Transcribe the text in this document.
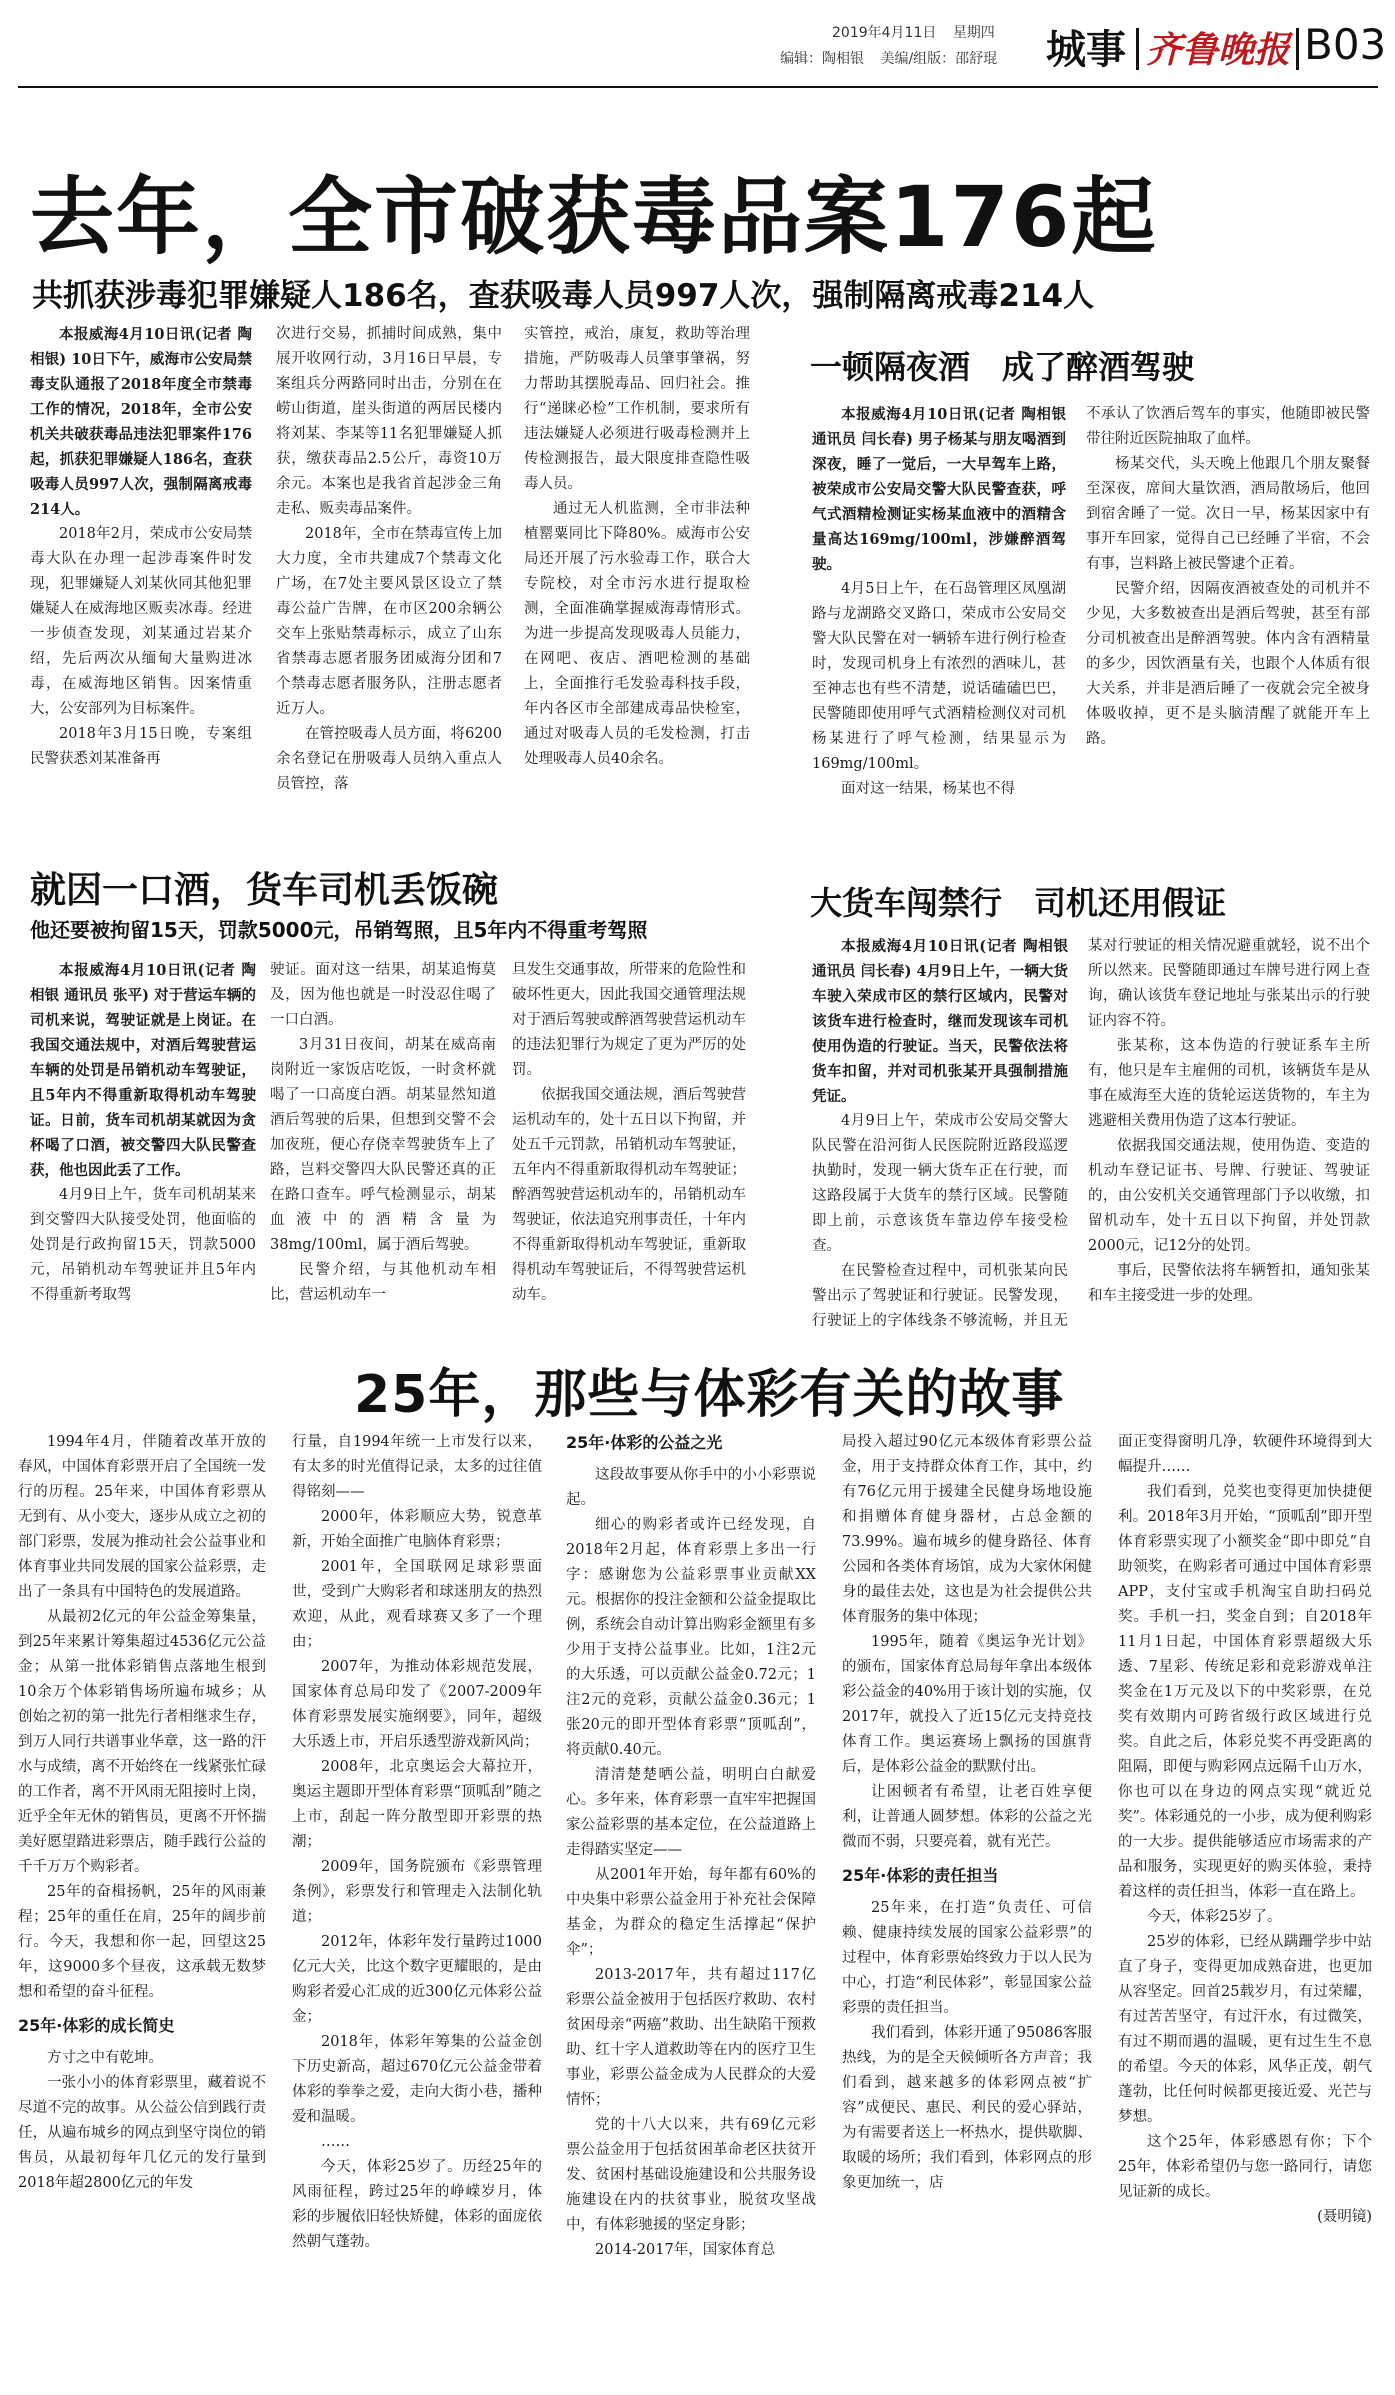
2019年4月11日 星期四
编辑：陶相银 美编/组版：邵舒琨 城事 齐鲁晚报 B03
去年，全市破获毒品案176起
共抓获涉毒犯罪嫌疑人186名，查获吸毒人员997人次，强制隔离戒毒214人

本报威海4月10日讯(记者 陶相银) 10日下午，威海市公安局禁毒支队通报了2018年度全市禁毒工作的情况，2018年，全市公安机关共破获毒品违法犯罪案件176起，抓获犯罪嫌疑人186名，查获吸毒人员997人次，强制隔离戒毒214人。

2018年2月，荣成市公安局禁毒大队在办理一起涉毒案件时发现，犯罪嫌疑人刘某伙同其他犯罪嫌疑人在威海地区贩卖冰毒。经进一步侦查发现，刘某通过岩某介绍，先后两次从缅甸大量购进冰毒，在威海地区销售。因案情重大，公安部列为目标案件。

2018年3月15日晚，专案组民警获悉刘某准备再

次进行交易，抓捕时间成熟，集中展开收网行动，3月16日早晨，专案组兵分两路同时出击，分别在在崂山街道，崖头街道的两居民楼内将刘某、李某等11名犯罪嫌疑人抓获，缴获毒品2.5公斤，毒资10万余元。本案也是我省首起涉金三角走私、贩卖毒品案件。

2018年，全市在禁毒宣传上加大力度，全市共建成7个禁毒文化广场，在7处主要风景区设立了禁毒公益广告牌，在市区200余辆公交车上张贴禁毒标示，成立了山东省禁毒志愿者服务团威海分团和7个禁毒志愿者服务队，注册志愿者近万人。

在管控吸毒人员方面，将6200余名登记在册吸毒人员纳入重点人员管控，落

实管控，戒治，康复，救助等治理措施，严防吸毒人员肇事肇祸，努力帮助其摆脱毒品、回归社会。推行“递睐必检”工作机制，要求所有违法嫌疑人必须进行吸毒检测并上传检测报告，最大限度排查隐性吸毒人员。

通过无人机监测，全市非法种植罂粟同比下降80%。威海市公安局还开展了污水验毒工作，联合大专院校，对全市污水进行提取检测，全面准确掌握威海毒情形式。为进一步提高发现吸毒人员能力，在网吧、夜店、酒吧检测的基础上，全面推行毛发验毒科技手段，年内各区市全部建成毒品快检室，通过对吸毒人员的毛发检测，打击处理吸毒人员40余名。

一顿隔夜酒　成了醉酒驾驶

本报威海4月10日讯(记者 陶相银 通讯员 闫长春) 男子杨某与朋友喝酒到深夜，睡了一觉后，一大早驾车上路，被荣成市公安局交警大队民警查获，呼气式酒精检测证实杨某血液中的酒精含量高达169mg/100ml，涉嫌醉酒驾驶。

4月5日上午，在石岛管理区凤凰湖路与龙湖路交叉路口，荣成市公安局交警大队民警在对一辆轿车进行例行检查时，发现司机身上有浓烈的酒味儿，甚至神志也有些不清楚，说话磕磕巴巴，民警随即使用呼气式酒精检测仪对司机杨某进行了呼气检测，结果显示为169mg/100ml。

面对这一结果，杨某也不得

不承认了饮酒后驾车的事实，他随即被民警带往附近医院抽取了血样。

杨某交代，头天晚上他跟几个朋友聚餐至深夜，席间大量饮酒，酒局散场后，他回到宿舍睡了一觉。次日一早，杨某因家中有事开车回家，觉得自己已经睡了半宿，不会有事，岂料路上被民警逮个正着。

民警介绍，因隔夜酒被查处的司机并不少见，大多数被查出是酒后驾驶，甚至有部分司机被查出是醉酒驾驶。体内含有酒精量的多少，因饮酒量有关，也跟个人体质有很大关系，并非是酒后睡了一夜就会完全被身体吸收掉，更不是头脑清醒了就能开车上路。

就因一口酒，货车司机丢饭碗
他还要被拘留15天，罚款5000元，吊销驾照，且5年内不得重考驾照

本报威海4月10日讯(记者 陶相银 通讯员 张平) 对于营运车辆的司机来说，驾驶证就是上岗证。在我国交通法规中，对酒后驾驶营运车辆的处罚是吊销机动车驾驶证，且5年内不得重新取得机动车驾驶证。日前，货车司机胡某就因为贪杯喝了口酒，被交警四大队民警查获，他也因此丢了工作。

4月9日上午，货车司机胡某来到交警四大队接受处罚，他面临的处罚是行政拘留15天，罚款5000元，吊销机动车驾驶证并且5年内不得重新考取驾

驶证。面对这一结果，胡某追悔莫及，因为他也就是一时没忍住喝了一口白酒。

3月31日夜间，胡某在威高南岗附近一家饭店吃饭，一时贪杯就喝了一口高度白酒。胡某显然知道酒后驾驶的后果，但想到交警不会加夜班，便心存侥幸驾驶货车上了路，岂料交警四大队民警还真的正在路口查车。呼气检测显示，胡某血液中的酒精含量为38mg/100ml，属于酒后驾驶。

民警介绍，与其他机动车相比，营运机动车一

旦发生交通事故，所带来的危险性和破坏性更大，因此我国交通管理法规对于酒后驾驶或醉酒驾驶营运机动车的违法犯罪行为规定了更为严厉的处罚。

依据我国交通法规，酒后驾驶营运机动车的，处十五日以下拘留，并处五千元罚款，吊销机动车驾驶证，五年内不得重新取得机动车驾驶证；醉酒驾驶营运机动车的，吊销机动车驾驶证，依法追究刑事责任，十年内不得重新取得机动车驾驶证，重新取得机动车驾驶证后，不得驾驶营运机动车。

大货车闯禁行　司机还用假证

本报威海4月10日讯(记者 陶相银 通讯员 闫长春) 4月9日上午，一辆大货车驶入荣成市区的禁行区域内，民警对该货车进行检查时，继而发现该车司机使用伪造的行驶证。当天，民警依法将货车扣留，并对司机张某开具强制措施凭证。

4月9日上午，荣成市公安局交警大队民警在沿河街人民医院附近路段巡逻执勤时，发现一辆大货车正在行驶，而这路段属于大货车的禁行区域。民警随即上前，示意该货车靠边停车接受检查。

在民警检查过程中，司机张某向民警出示了驾驶证和行驶证。民警发现，行驶证上的字体线条不够流畅，并且无

某对行驶证的相关情况避重就轻，说不出个所以然来。民警随即通过车牌号进行网上查询，确认该货车登记地址与张某出示的行驶证内容不符。

张某称，这本伪造的行驶证系车主所有，他只是车主雇佣的司机，该辆货车是从事在威海至大连的货轮运送货物的，车主为逃避相关费用伪造了这本行驶证。

依据我国交通法规，使用伪造、变造的机动车登记证书、号牌、行驶证、驾驶证的，由公安机关交通管理部门予以收缴，扣留机动车，处十五日以下拘留，并处罚款2000元，记12分的处罚。

事后，民警依法将车辆暂扣，通知张某和车主接受进一步的处理。

25年，那些与体彩有关的故事

1994年4月，伴随着改革开放的春风，中国体育彩票开启了全国统一发行的历程。25年来，中国体育彩票从无到有、从小变大，逐步从成立之初的部门彩票，发展为推动社会公益事业和体育事业共同发展的国家公益彩票，走出了一条具有中国特色的发展道路。

从最初2亿元的年公益金筹集量，到25年来累计筹集超过4536亿元公益金；从第一批体彩销售点落地生根到10余万个体彩销售场所遍布城乡；从创始之初的第一批先行者相继求生存，到万人同行共谱事业华章，这一路的汗水与成绩，离不开始终在一线紧张忙碌的工作者，离不开风雨无阻接时上岗，近乎全年无休的销售员，更离不开怀揣美好愿望踏进彩票店，随手践行公益的千千万万个购彩者。

25年的奋楫扬帆，25年的风雨兼程；25年的重任在肩，25年的阔步前行。今天，我想和你一起，回望这25年，这9000多个昼夜，这承载无数梦想和希望的奋斗征程。

25年·体彩的成长简史

方寸之中有乾坤。

一张小小的体育彩票里，藏着说不尽道不完的故事。从公益公信到践行责任，从遍布城乡的网点到坚守岗位的销售员，从最初每年几亿元的发行量到2018年超2800亿元的年发

行量，自1994年统一上市发行以来，有太多的时光值得记录，太多的过往值得铭刻——

2000年，体彩顺应大势，锐意革新，开始全面推广电脑体育彩票；

2001年，全国联网足球彩票面世，受到广大购彩者和球迷朋友的热烈欢迎，从此，观看球赛又多了一个理由；

2007年，为推动体彩规范发展，国家体育总局印发了《2007-2009年体育彩票发展实施纲要》，同年，超级大乐透上市，开启乐透型游戏新风尚；

2008年，北京奥运会大幕拉开，奥运主题即开型体育彩票“顶呱刮”随之上市，刮起一阵分散型即开彩票的热潮；

2009年，国务院颁布《彩票管理条例》，彩票发行和管理走入法制化轨道；

2012年，体彩年发行量跨过1000亿元大关，比这个数字更耀眼的，是由购彩者爱心汇成的近300亿元体彩公益金；

2018年，体彩年筹集的公益金创下历史新高，超过670亿元公益金带着体彩的拳拳之爱，走向大街小巷，播种爱和温暖。

……

今天，体彩25岁了。历经25年的风雨征程，跨过25年的峥嵘岁月，体彩的步履依旧轻快矫健，体彩的面庞依然朝气蓬勃。

25年·体彩的公益之光

这段故事要从你手中的小小彩票说起。

细心的购彩者或许已经发现，自2018年2月起，体育彩票上多出一行字：感谢您为公益彩票事业贡献XX元。根据你的投注金额和公益金提取比例，系统会自动计算出购彩金额里有多少用于支持公益事业。比如，1注2元的大乐透，可以贡献公益金0.72元；1注2元的竞彩，贡献公益金0.36元；1张20元的即开型体育彩票“顶呱刮”，将贡献0.40元。

清清楚楚晒公益，明明白白献爱心。多年来，体育彩票一直牢牢把握国家公益彩票的基本定位，在公益道路上走得踏实坚定——

从2001年开始，每年都有60%的中央集中彩票公益金用于补充社会保障基金，为群众的稳定生活撑起“保护伞”；

2013-2017年，共有超过117亿彩票公益金被用于包括医疗救助、农村贫困母亲“两癌”救助、出生缺陷干预救助、红十字人道救助等在内的医疗卫生事业，彩票公益金成为人民群众的大爱情怀；

党的十八大以来，共有69亿元彩票公益金用于包括贫困革命老区扶贫开发、贫困村基础设施建设和公共服务设施建设在内的扶贫事业，脱贫攻坚战中，有体彩驰援的坚定身影；

2014-2017年，国家体育总

局投入超过90亿元本级体育彩票公益金，用于支持群众体育工作，其中，约有76亿元用于援建全民健身场地设施和捐赠体育健身器材，占总金额的73.99%。遍布城乡的健身路径、体育公园和各类体育场馆，成为大家休闲健身的最佳去处，这也是为社会提供公共体育服务的集中体现；

1995年，随着《奥运争光计划》的颁布，国家体育总局每年拿出本级体彩公益金的40%用于该计划的实施，仅2017年，就投入了近15亿元支持竞技体育工作。奥运赛场上飘扬的国旗背后，是体彩公益金的默默付出。

让困顿者有希望，让老百姓享便利，让普通人圆梦想。体彩的公益之光微而不弱，只要亮着，就有光芒。

25年·体彩的责任担当

25年来，在打造“负责任、可信赖、健康持续发展的国家公益彩票”的过程中，体育彩票始终致力于以人民为中心，打造“利民体彩”，彰显国家公益彩票的责任担当。

我们看到，体彩开通了95086客服热线，为的是全天候倾听各方声音；我们看到，越来越多的体彩网点被“扩容”成便民、惠民、利民的爱心驿站，为有需要者送上一杯热水，提供歇脚、取暖的场所；我们看到，体彩网点的形象更加统一，店

面正变得窗明几净，软硬件环境得到大幅提升……

我们看到，兑奖也变得更加快捷便利。2018年3月开始，“顶呱刮”即开型体育彩票实现了小额奖金“即中即兑”自助领奖，在购彩者可通过中国体育彩票APP，支付宝或手机淘宝自助扫码兑奖。手机一扫，奖金自到；自2018年11月1日起，中国体育彩票超级大乐透、7星彩、传统足彩和竞彩游戏单注奖金在1万元及以下的中奖彩票，在兑奖有效期内可跨省级行政区域进行兑奖。自此之后，体彩兑奖不再受距离的阻隔，即便与购彩网点远隔千山万水，你也可以在身边的网点实现“就近兑奖”。体彩通兑的一小步，成为便利购彩的一大步。提供能够适应市场需求的产品和服务，实现更好的购买体验，秉持着这样的责任担当，体彩一直在路上。

今天，体彩25岁了。

25岁的体彩，已经从蹒跚学步中站直了身子，变得更加成熟奋进，也更加从容坚定。回首25载岁月，有过荣耀，有过苦苦坚守，有过汗水，有过微笑，有过不期而遇的温暖，更有过生生不息的希望。今天的体彩，风华正茂，朝气蓬勃，比任何时候都更接近爱、光芒与梦想。

这个25年，体彩感恩有你；下个25年，体彩希望仍与您一路同行，请您见证新的成长。

(聂明镜)
